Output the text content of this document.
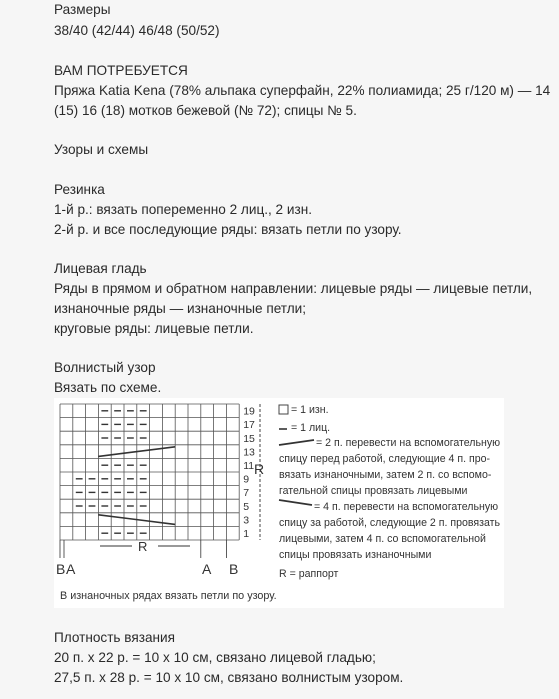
Размеры
38/40 (42/44) 46/48 (50/52)
ВАМ ПОТРЕБУЕТСЯ
Пряжа Katia Kena (78% альпака суперфайн, 22% полиамида; 25 г/120 м) — 14
(15) 16 (18) мотков бежевой (№ 72); спицы № 5.
Узоры и схемы
Резинка
1-й р.: вязать попеременно 2 лиц., 2 изн.
2-й р. и все последующие ряды: вязать петли по узору.
Лицевая гладь
Ряды в прямом и обратном направлении: лицевые ряды — лицевые петли,
изнаночные ряды — изнаночные петли;
круговые ряды: лицевые петли.
Волнистый узор
Вязать по схеме.
19
17
15
13
11
9
7
5
3
1
R
R
B A	A B
= 1 изн.
= 1 лиц.
= 2 п. перевести на вспомогательную
спицу перед работой, следующие 4 п. про-
вязать изнаночными, затем 2 п. со вспомо-
гательной спицы провязать лицевыми
= 4 п. перевести на вспомогательную
спицу за работой, следующие 2 п. провязать
лицевыми, затем 4 п. со вспомогательной
спицы провязать изнаночными
R = раппорт
В изнаночных рядах вязать петли по узору.
Плотность вязания
20 п. x 22 р. = 10 x 10 см, связано лицевой гладью;
27,5 п. x 28 р. = 10 x 10 см, связано волнистым узором.
